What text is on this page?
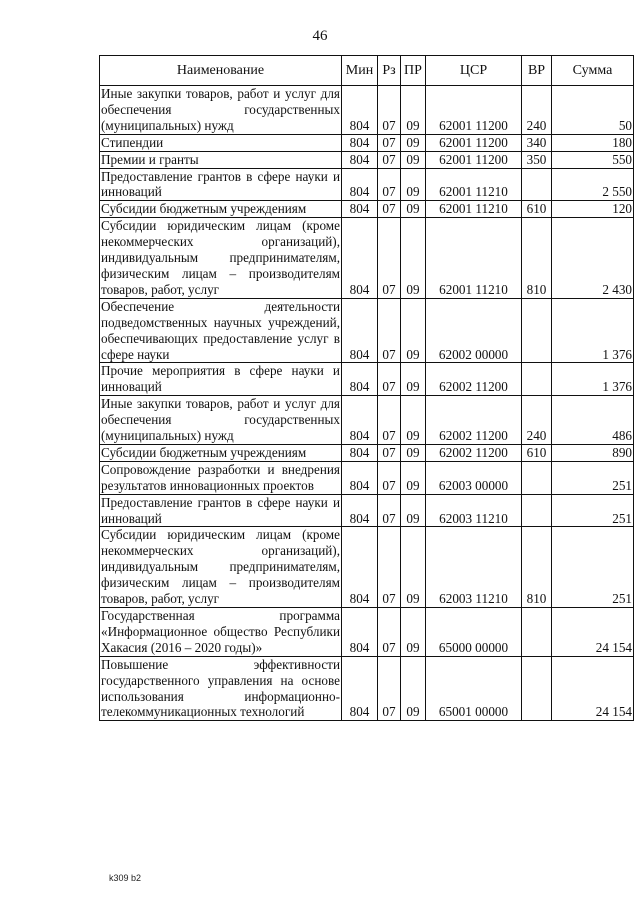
46
Наименование	Мин	Рз	ПР	ЦСР	ВР	Сумма
Иные закупки товаров, работ и услуг для обеспечения государственных (муниципальных) нужд	804	07	09	62001 11200	240	50
Стипендии	804	07	09	62001 11200	340	180
Премии и гранты	804	07	09	62001 11200	350	550
Предоставление грантов в сфере науки и инноваций	804	07	09	62001 11210		2 550
Субсидии бюджетным учреждениям	804	07	09	62001 11210	610	120
Субсидии юридическим лицам (кроме некоммерческих организаций), индивидуальным предпринимателям, физическим лицам – производителям товаров, работ, услуг	804	07	09	62001 11210	810	2 430
Обеспечение деятельности подведомственных научных учреждений, обеспечивающих предоставление услуг в сфере науки	804	07	09	62002 00000		1 376
Прочие мероприятия в сфере науки и инноваций	804	07	09	62002 11200		1 376
Иные закупки товаров, работ и услуг для обеспечения государственных (муниципальных) нужд	804	07	09	62002 11200	240	486
Субсидии бюджетным учреждениям	804	07	09	62002 11200	610	890
Сопровождение разработки и внедрения результатов инновационных проектов	804	07	09	62003 00000		251
Предоставление грантов в сфере науки и инноваций	804	07	09	62003 11210		251
Субсидии юридическим лицам (кроме некоммерческих организаций), индивидуальным предпринимателям, физическим лицам – производителям товаров, работ, услуг	804	07	09	62003 11210	810	251
Государственная программа «Информационное общество Республики Хакасия (2016 – 2020 годы)»	804	07	09	65000 00000		24 154
Повышение эффективности государственного управления на основе использования информационно-телекоммуникационных технологий	804	07	09	65001 00000		24 154
k309 b2
